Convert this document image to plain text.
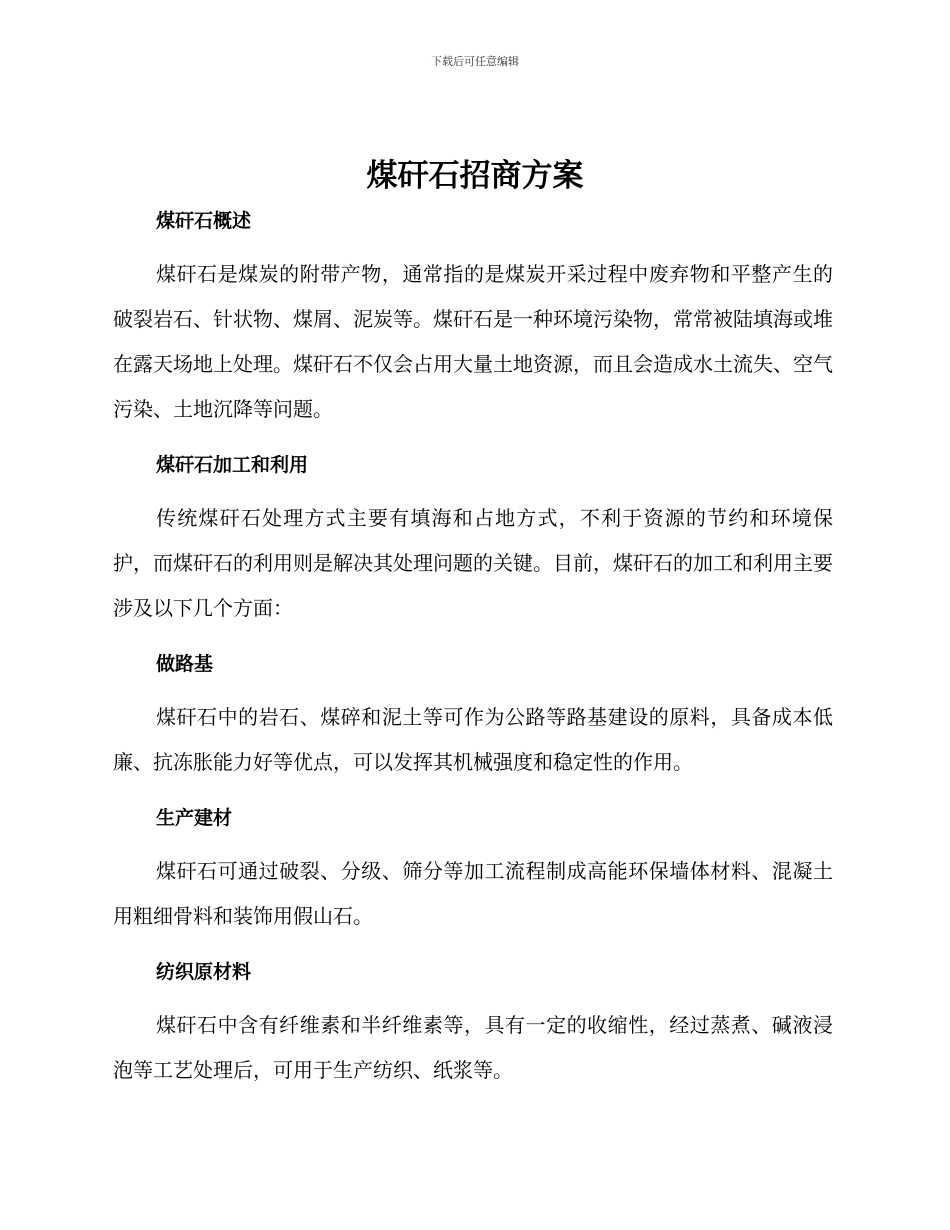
下载后可任意编辑
煤矸石招商方案
煤矸石概述

煤矸石是煤炭的附带产物，通常指的是煤炭开采过程中废弃物和平整产生的破裂岩石、针状物、煤屑、泥炭等。煤矸石是一种环境污染物，常常被陆填海或堆在露天场地上处理。煤矸石不仅会占用大量土地资源，而且会造成水土流失、空气污染、土地沉降等问题。

煤矸石加工和利用

传统煤矸石处理方式主要有填海和占地方式，不利于资源的节约和环境保护，而煤矸石的利用则是解决其处理问题的关键。目前，煤矸石的加工和利用主要涉及以下几个方面：

做路基

煤矸石中的岩石、煤碎和泥土等可作为公路等路基建设的原料，具备成本低廉、抗冻胀能力好等优点，可以发挥其机械强度和稳定性的作用。

生产建材

煤矸石可通过破裂、分级、筛分等加工流程制成高能环保墙体材料、混凝土用粗细骨料和装饰用假山石。

纺织原材料

煤矸石中含有纤维素和半纤维素等，具有一定的收缩性，经过蒸煮、碱液浸泡等工艺处理后，可用于生产纺织、纸浆等。
